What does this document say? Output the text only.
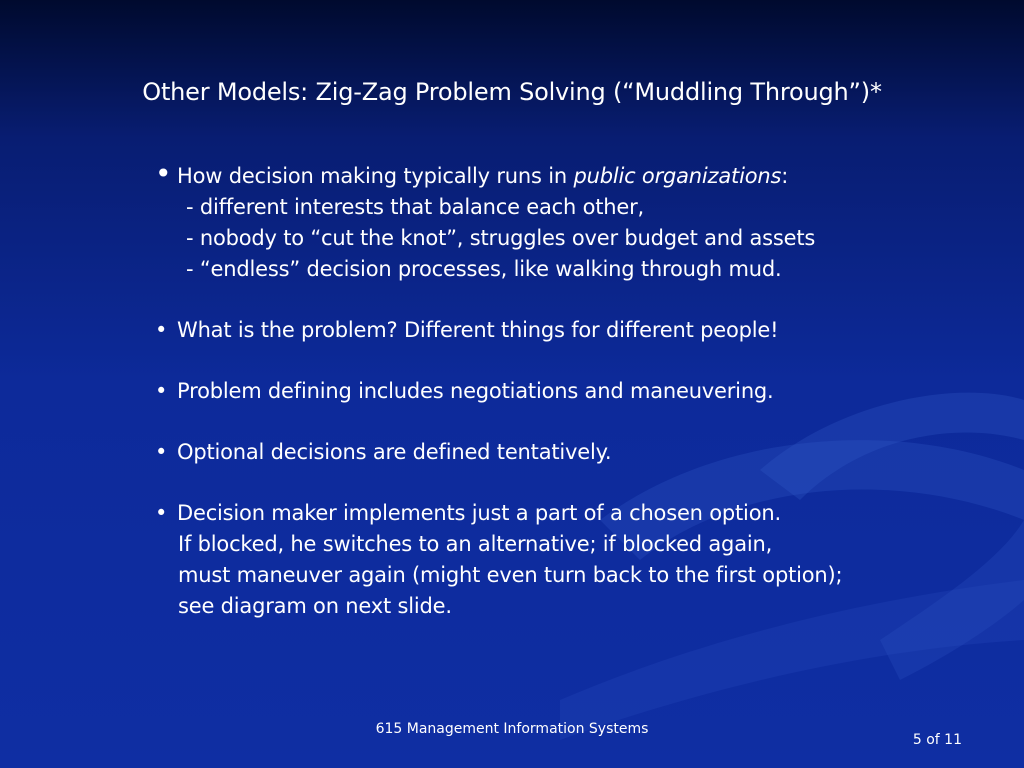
Other Models: Zig-Zag Problem Solving (“Muddling Through”)*
• How decision making typically runs in public organizations:
- different interests that balance each other,
- nobody to “cut the knot”, struggles over budget and assets
- “endless” decision processes, like walking through mud.
• What is the problem? Different things for different people!
• Problem defining includes negotiations and maneuvering.
• Optional decisions are defined tentatively.
• Decision maker implements just a part of a chosen option.
If blocked, he switches to an alternative; if blocked again,
must maneuver again (might even turn back to the first option);
see diagram on next slide.
615 Management Information Systems
5 of 11
